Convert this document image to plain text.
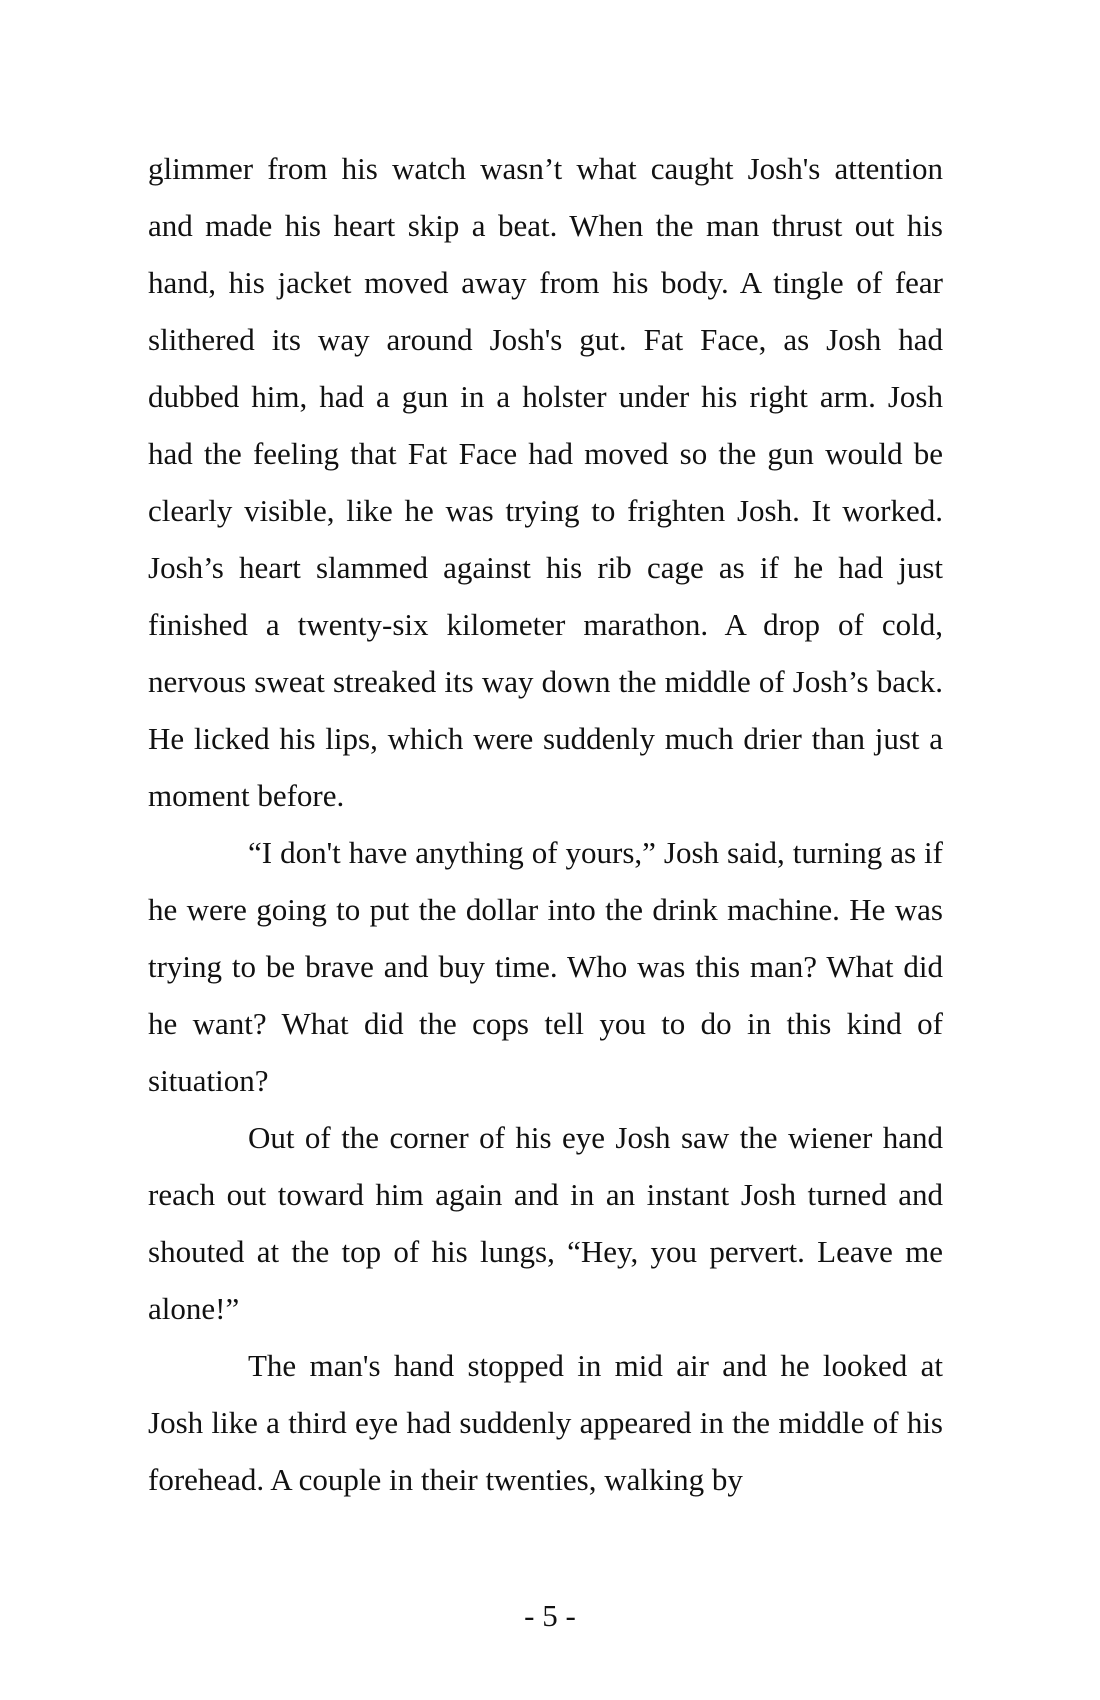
glimmer from his watch wasn’t what caught Josh's attention and made his heart skip a beat. When the man thrust out his hand, his jacket moved away from his body. A tingle of fear slithered its way around Josh's gut. Fat Face, as Josh had dubbed him, had a gun in a holster under his right arm. Josh had the feeling that Fat Face had moved so the gun would be clearly visible, like he was trying to frighten Josh. It worked. Josh’s heart slammed against his rib cage as if he had just finished a twenty-six kilometer marathon. A drop of cold, nervous sweat streaked its way down the middle of Josh’s back. He licked his lips, which were suddenly much drier than just a moment before.

“I don't have anything of yours,” Josh said, turning as if he were going to put the dollar into the drink machine. He was trying to be brave and buy time. Who was this man? What did he want? What did the cops tell you to do in this kind of situation?

Out of the corner of his eye Josh saw the wiener hand reach out toward him again and in an instant Josh turned and shouted at the top of his lungs, “Hey, you pervert. Leave me alone!”

The man's hand stopped in mid air and he looked at Josh like a third eye had suddenly appeared in the middle of his forehead. A couple in their twenties, walking by

- 5 -
